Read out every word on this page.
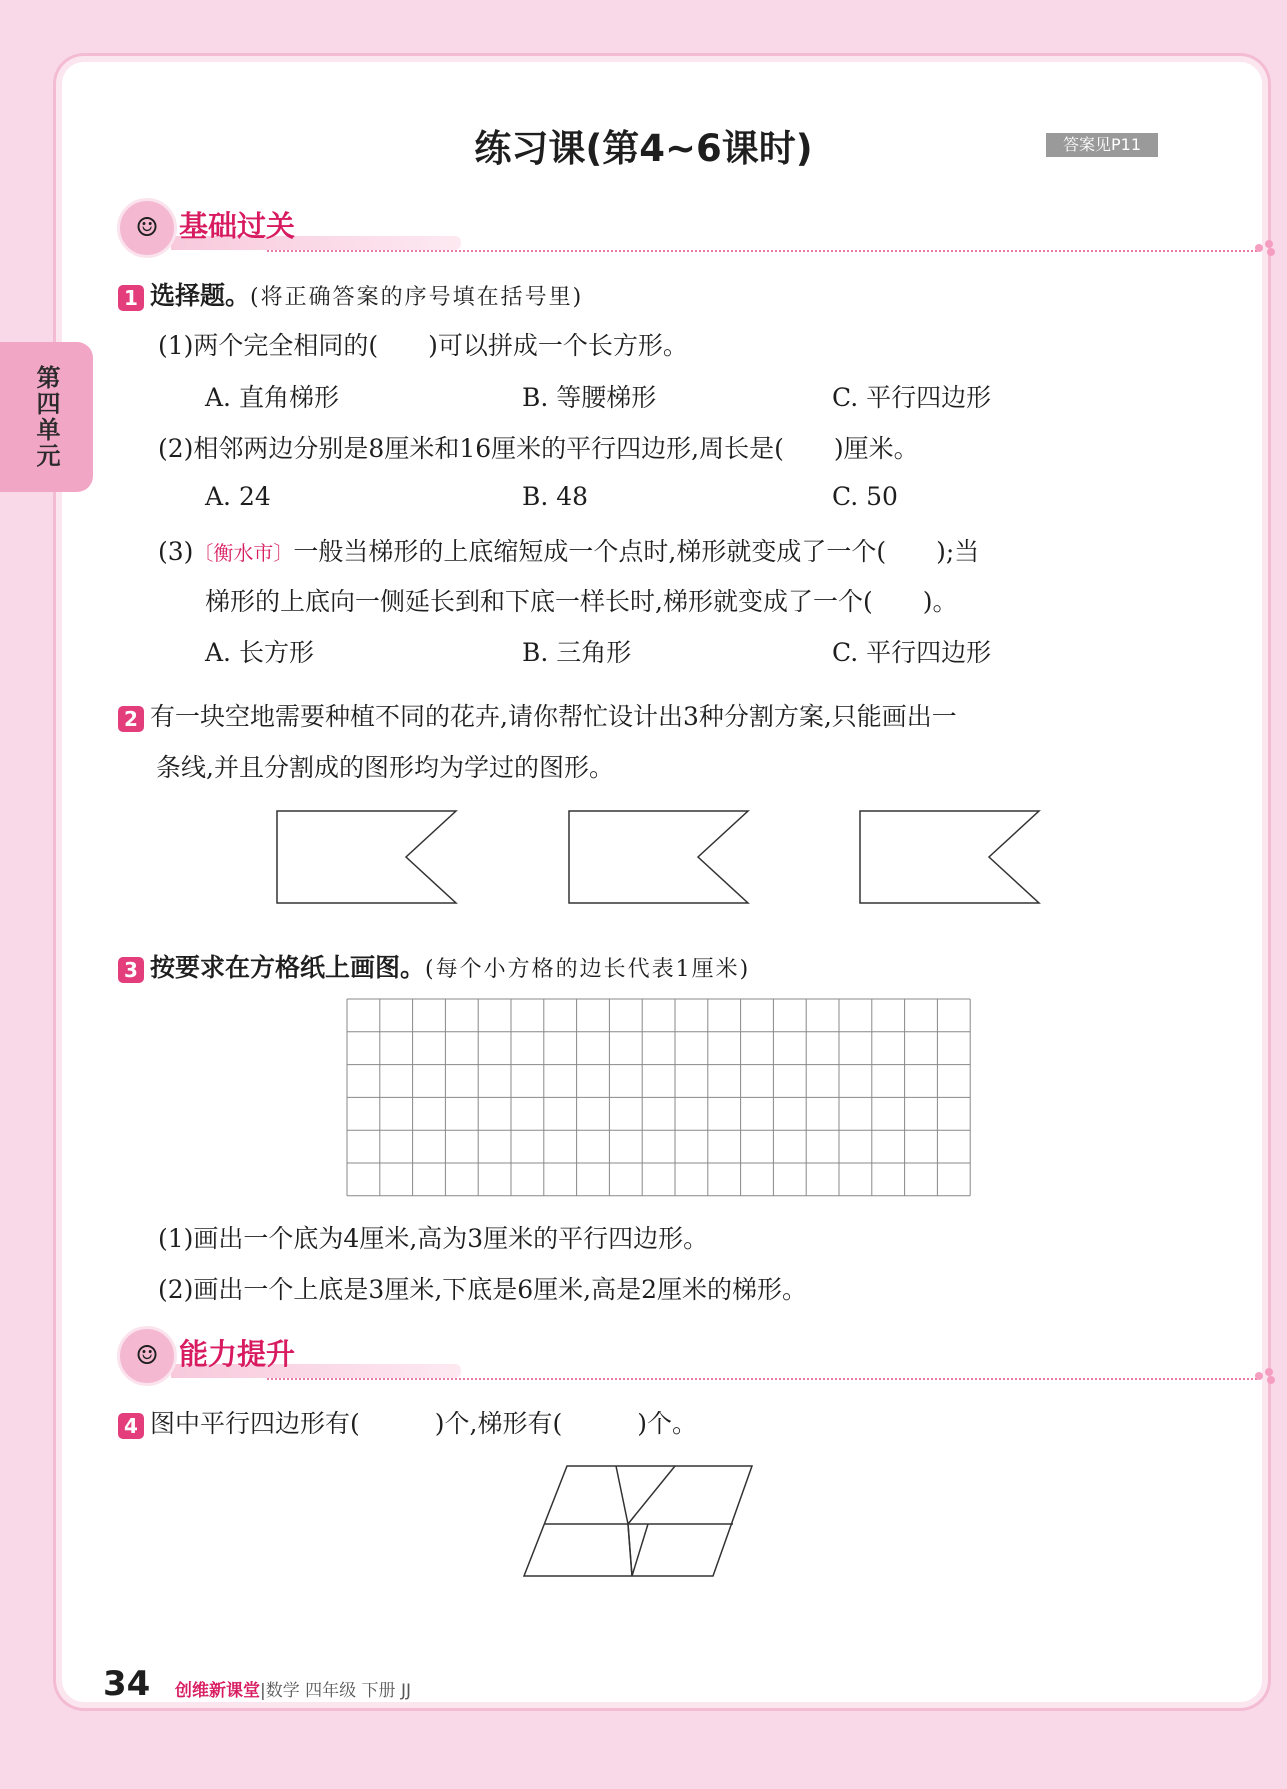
第四单元
练习课(第4~6课时)	答案见P11
☺ 基础过关
1 选择题。(将正确答案的序号填在括号里)
(1)两个完全相同的(　　)可以拼成一个长方形。
A. 直角梯形	B. 等腰梯形	C. 平行四边形
(2)相邻两边分别是8厘米和16厘米的平行四边形,周长是(　　)厘米。
A. 24	B. 48	C. 50
(3)〔衡水市〕一般当梯形的上底缩短成一个点时,梯形就变成了一个(　　);当
梯形的上底向一侧延长到和下底一样长时,梯形就变成了一个(　　)。
A. 长方形	B. 三角形	C. 平行四边形
2 有一块空地需要种植不同的花卉,请你帮忙设计出3种分割方案,只能画出一
条线,并且分割成的图形均为学过的图形。
3 按要求在方格纸上画图。(每个小方格的边长代表1厘米)
(1)画出一个底为4厘米,高为3厘米的平行四边形。
(2)画出一个上底是3厘米,下底是6厘米,高是2厘米的梯形。
☺ 能力提升
4 图中平行四边形有(　　　)个,梯形有(　　　)个。
34 创维新课堂|数学 四年级 下册 JJ
